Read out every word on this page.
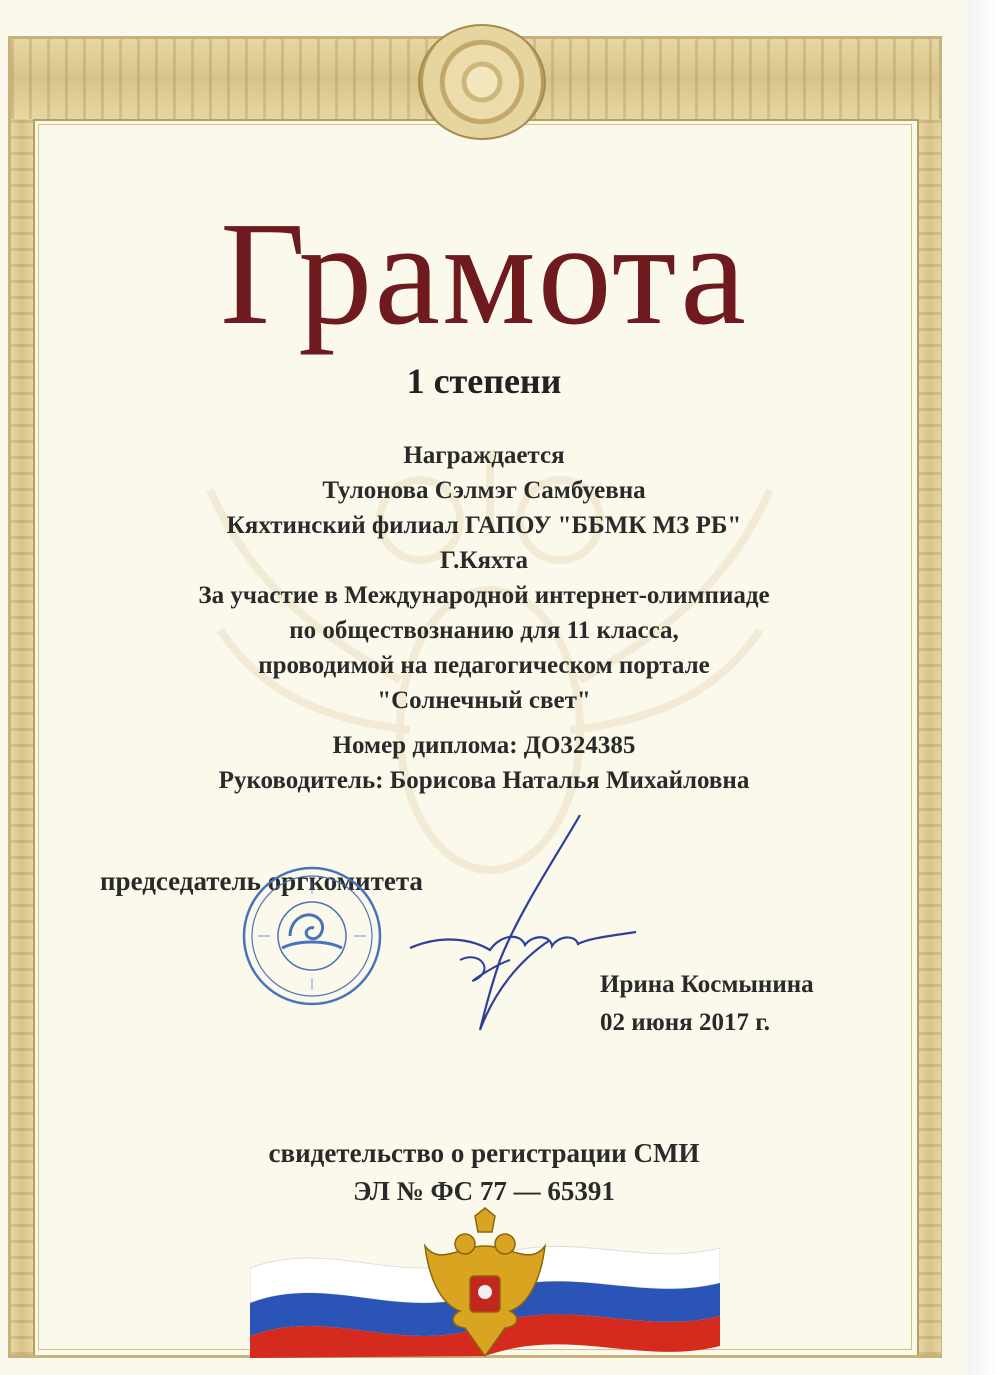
Грамота
1 степени
Награждается
Тулонова Сэлмэг Самбуевна
Кяхтинский филиал ГАПОУ "ББМК МЗ РБ"
Г.Кяхта
За участие в Международной интернет-олимпиаде
по обществознанию для 11 класса,
проводимой на педагогическом портале
"Солнечный свет"
Номер диплома: ДО324385
Руководитель: Борисова Наталья Михайловна
председатель оргкомитета
Ирина Космынина
02 июня 2017 г.
свидетельство о регистрации СМИ
ЭЛ № ФС 77 — 65391
